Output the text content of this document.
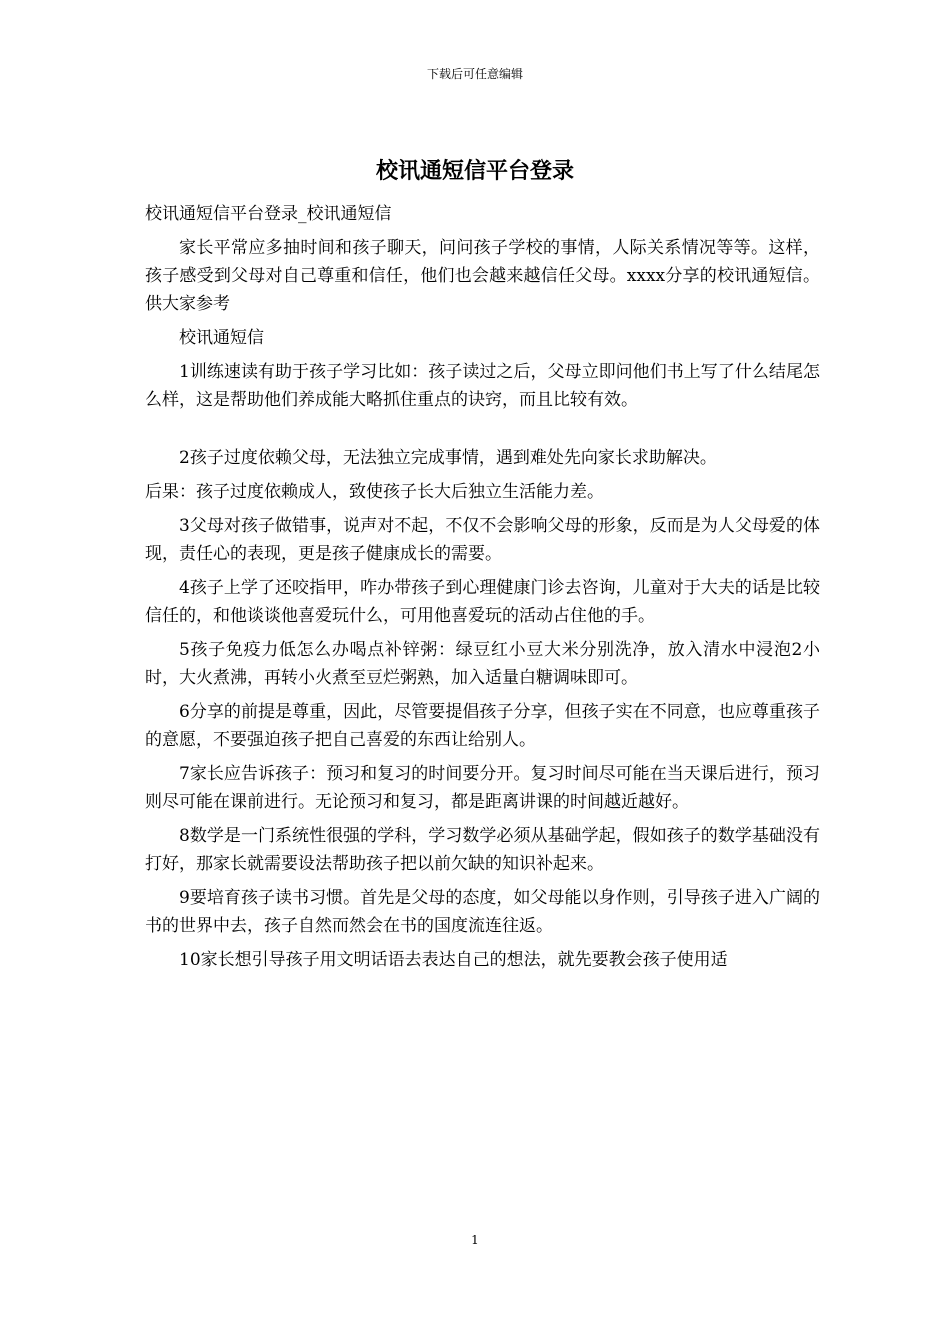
下载后可任意编辑
校讯通短信平台登录

校讯通短信平台登录_校讯通短信

家长平常应多抽时间和孩子聊天，问问孩子学校的事情，人际关系情况等等。这样，孩子感受到父母对自己尊重和信任，他们也会越来越信任父母。xxxx分享的校讯通短信。供大家参考

校讯通短信

1训练速读有助于孩子学习比如：孩子读过之后，父母立即问他们书上写了什么结尾怎么样，这是帮助他们养成能大略抓住重点的诀窍，而且比较有效。

2孩子过度依赖父母，无法独立完成事情，遇到难处先向家长求助解决。

后果：孩子过度依赖成人，致使孩子长大后独立生活能力差。

3父母对孩子做错事，说声对不起，不仅不会影响父母的形象，反而是为人父母爱的体现，责任心的表现，更是孩子健康成长的需要。

4孩子上学了还咬指甲，咋办带孩子到心理健康门诊去咨询，儿童对于大夫的话是比较信任的，和他谈谈他喜爱玩什么，可用他喜爱玩的活动占住他的手。

5孩子免疫力低怎么办喝点补锌粥：绿豆红小豆大米分别洗净，放入清水中浸泡2小时，大火煮沸，再转小火煮至豆烂粥熟，加入适量白糖调味即可。

6分享的前提是尊重，因此，尽管要提倡孩子分享，但孩子实在不同意，也应尊重孩子的意愿，不要强迫孩子把自己喜爱的东西让给别人。

7家长应告诉孩子：预习和复习的时间要分开。复习时间尽可能在当天课后进行，预习则尽可能在课前进行。无论预习和复习，都是距离讲课的时间越近越好。

8数学是一门系统性很强的学科，学习数学必须从基础学起，假如孩子的数学基础没有打好，那家长就需要设法帮助孩子把以前欠缺的知识补起来。

9要培育孩子读书习惯。首先是父母的态度，如父母能以身作则，引导孩子进入广阔的书的世界中去，孩子自然而然会在书的国度流连往返。

10家长想引导孩子用文明话语去表达自己的想法，就先要教会孩子使用适

1
